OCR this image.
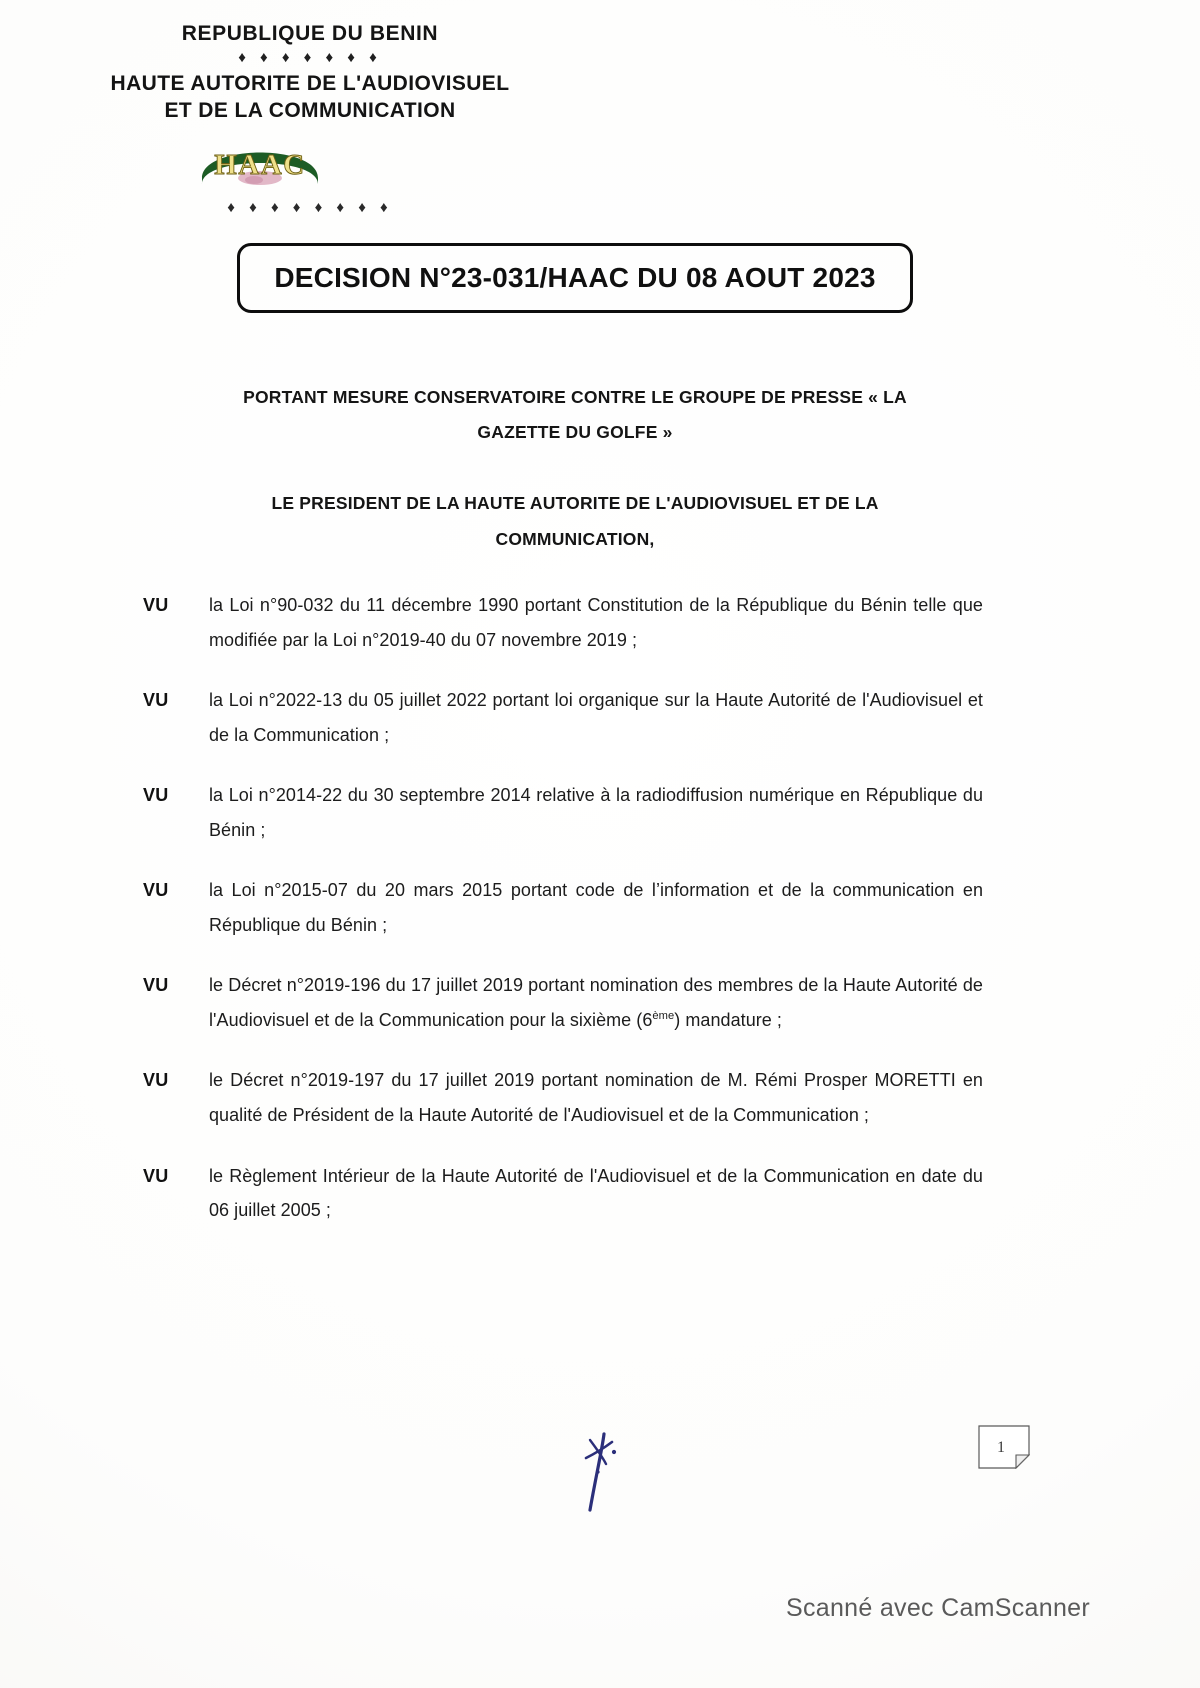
REPUBLIQUE DU BENIN
♦ ♦ ♦ ♦ ♦ ♦ ♦
HAUTE AUTORITE DE L'AUDIOVISUEL
ET DE LA COMMUNICATION
HAAC
♦ ♦ ♦ ♦ ♦ ♦ ♦ ♦
DECISION N°23-031/HAAC DU 08 AOUT 2023
PORTANT MESURE CONSERVATOIRE CONTRE LE GROUPE DE PRESSE « LA
GAZETTE DU GOLFE »
LE PRESIDENT DE LA HAUTE AUTORITE DE L'AUDIOVISUEL ET DE LA
COMMUNICATION,
VU	la Loi n°90-032 du 11 décembre 1990 portant Constitution de la République du Bénin telle que modifiée par la Loi n°2019-40 du 07 novembre 2019 ;
VU	la Loi n°2022-13 du 05 juillet 2022 portant loi organique sur la Haute Autorité de l'Audiovisuel et de la Communication ;
VU	la Loi n°2014-22 du 30 septembre 2014 relative à la radiodiffusion numérique en République du Bénin ;
VU	la Loi n°2015-07 du 20 mars 2015 portant code de l’information et de la communication en République du Bénin ;
VU	le Décret n°2019-196 du 17 juillet 2019 portant nomination des membres de la Haute Autorité de l'Audiovisuel et de la Communication pour la sixième (6ème) mandature ;
VU	le Décret n°2019-197 du 17 juillet 2019 portant nomination de M. Rémi Prosper MORETTI en qualité de Président de la Haute Autorité de l'Audiovisuel et de la Communication ;
VU	le Règlement Intérieur de la Haute Autorité de l'Audiovisuel et de la Communication en date du 06 juillet 2005 ;
1
Scanné avec CamScanner
